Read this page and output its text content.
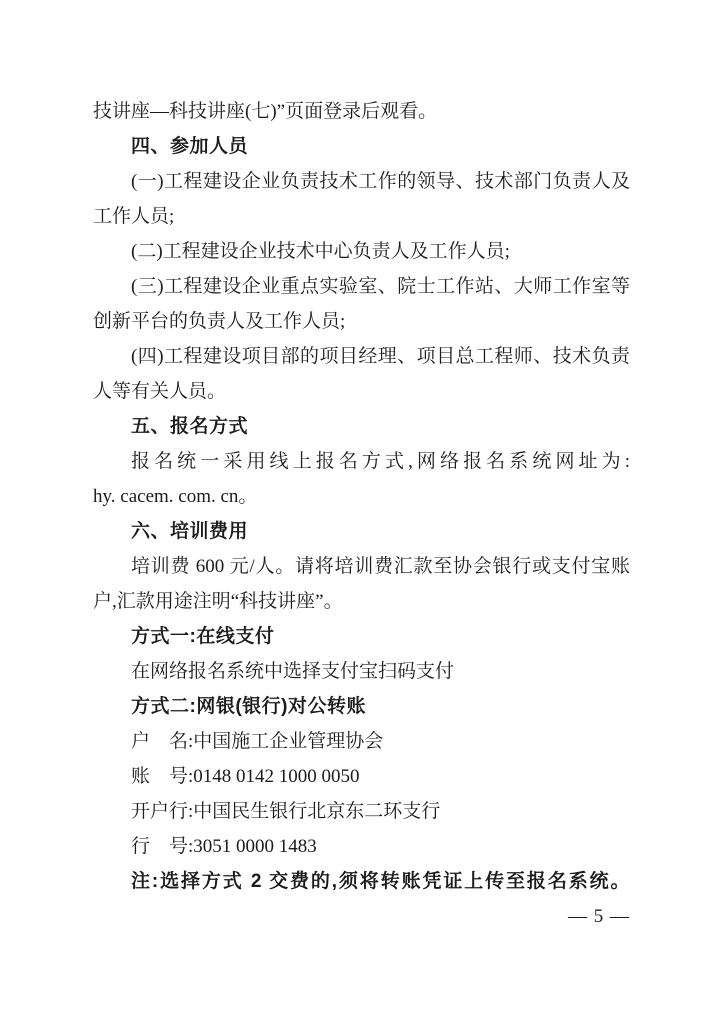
技讲座—科技讲座(七)”页面登录后观看。
四、参加人员
(一)工程建设企业负责技术工作的领导、技术部门负责人及
工作人员;
(二)工程建设企业技术中心负责人及工作人员;
(三)工程建设企业重点实验室、院士工作站、大师工作室等
创新平台的负责人及工作人员;
(四)工程建设项目部的项目经理、项目总工程师、技术负责
人等有关人员。
五、报名方式
报名统一采用线上报名方式,网络报名系统网址为:
hy. cacem. com. cn。
六、培训费用
培训费 600 元/人。请将培训费汇款至协会银行或支付宝账
户,汇款用途注明“科技讲座”。
方式一:在线支付
在网络报名系统中选择支付宝扫码支付
方式二:网银(银行)对公转账
户　名:中国施工企业管理协会
账　号:0148 0142 1000 0050
开户行:中国民生银行北京东二环支行
行　号:3051 0000 1483
注:选择方式 2 交费的,须将转账凭证上传至报名系统。
— 5 —
